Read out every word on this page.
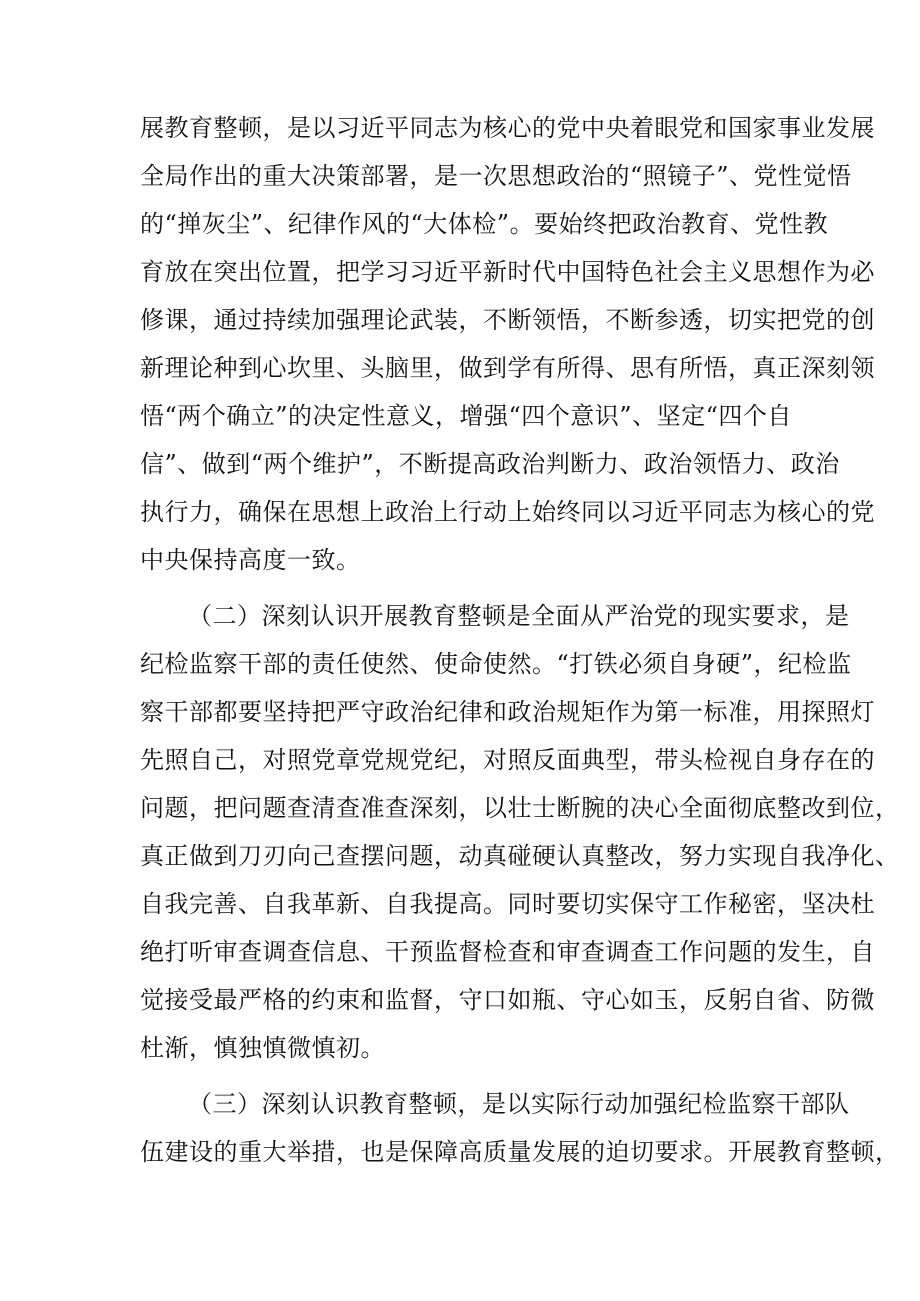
展教育整顿，是以习近平同志为核心的党中央着眼党和国家事业发展
全局作出的重大决策部署，是一次思想政治的“照镜子”、党性觉悟
的“掸灰尘”、纪律作风的“大体检”。要始终把政治教育、党性教
育放在突出位置，把学习习近平新时代中国特色社会主义思想作为必
修课，通过持续加强理论武装，不断领悟，不断参透，切实把党的创
新理论种到心坎里、头脑里，做到学有所得、思有所悟，真正深刻领
悟“两个确立”的决定性意义，增强“四个意识”、坚定“四个自
信”、做到“两个维护”，不断提高政治判断力、政治领悟力、政治
执行力，确保在思想上政治上行动上始终同以习近平同志为核心的党
中央保持高度一致。
（二）深刻认识开展教育整顿是全面从严治党的现实要求，是
纪检监察干部的责任使然、使命使然。“打铁必须自身硬”，纪检监
察干部都要坚持把严守政治纪律和政治规矩作为第一标准，用探照灯
先照自己，对照党章党规党纪，对照反面典型，带头检视自身存在的
问题，把问题查清查准查深刻，以壮士断腕的决心全面彻底整改到位，
真正做到刀刃向己查摆问题，动真碰硬认真整改，努力实现自我净化、
自我完善、自我革新、自我提高。同时要切实保守工作秘密，坚决杜
绝打听审查调查信息、干预监督检查和审查调查工作问题的发生，自
觉接受最严格的约束和监督，守口如瓶、守心如玉，反躬自省、防微
杜渐，慎独慎微慎初。
（三）深刻认识教育整顿，是以实际行动加强纪检监察干部队
伍建设的重大举措，也是保障高质量发展的迫切要求。开展教育整顿，
